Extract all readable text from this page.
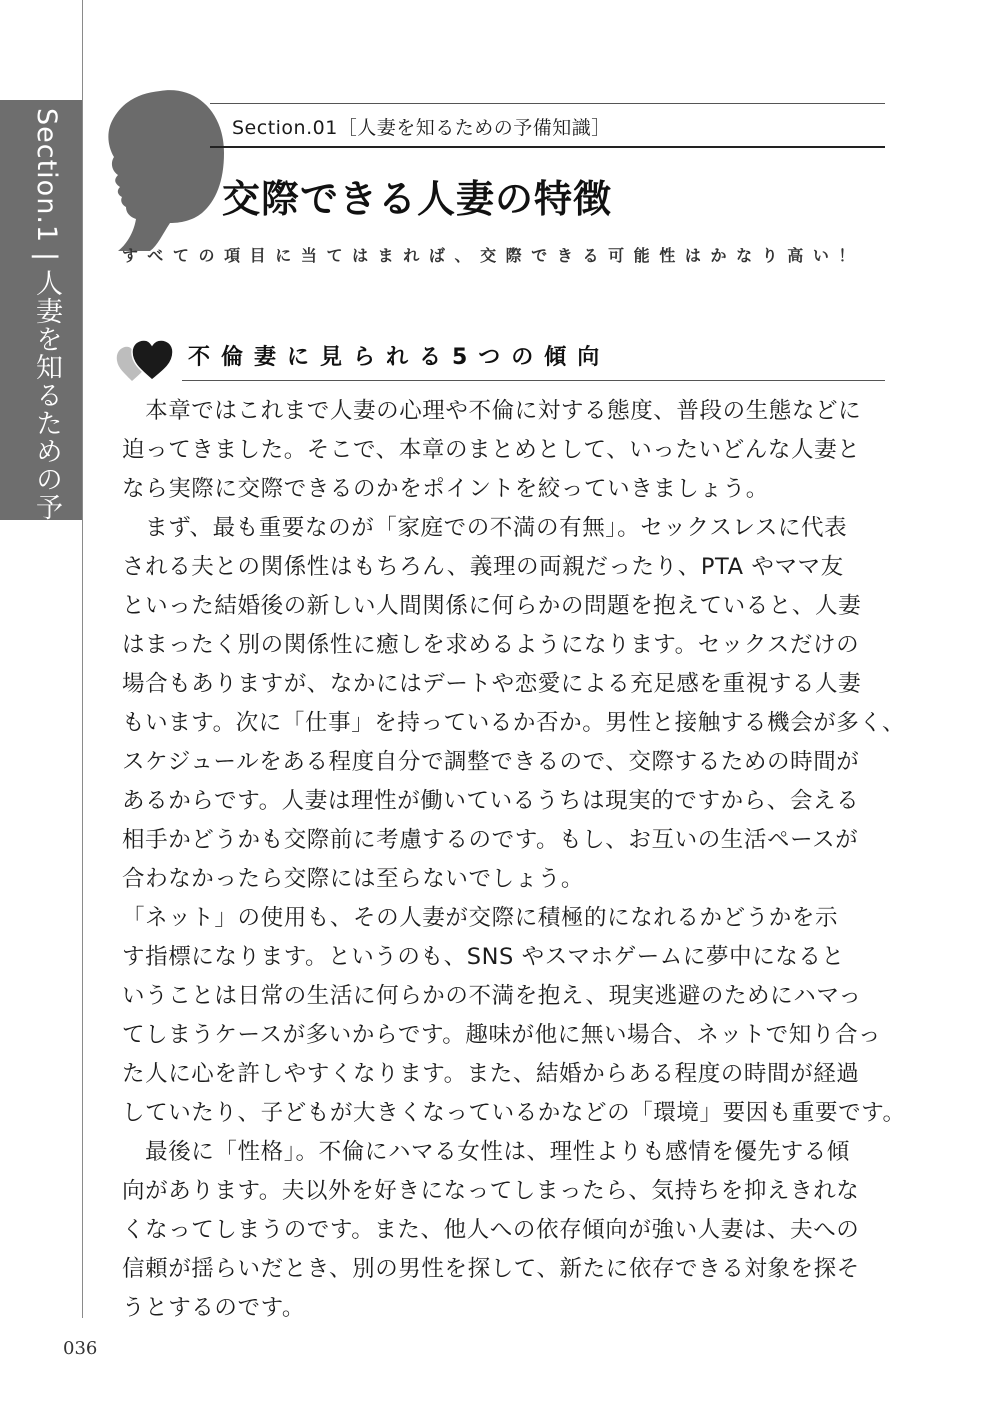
Section.1 | 人妻を知るための予備知識
Section.01［人妻を知るための予備知識］
交際できる人妻の特徴
すべての項目に当てはまれば、交際できる可能性はかなり高い！
不倫妻に見られる5つの傾向
　本章ではこれまで人妻の心理や不倫に対する態度、普段の生態などに
迫ってきました。そこで、本章のまとめとして、いったいどんな人妻と
なら実際に交際できるのかをポイントを絞っていきましょう。
　まず、最も重要なのが「家庭での不満の有無」。セックスレスに代表
される夫との関係性はもちろん、義理の両親だったり、PTA やママ友
といった結婚後の新しい人間関係に何らかの問題を抱えていると、人妻
はまったく別の関係性に癒しを求めるようになります。セックスだけの
場合もありますが、なかにはデートや恋愛による充足感を重視する人妻
もいます。次に「仕事」を持っているか否か。男性と接触する機会が多く、
スケジュールをある程度自分で調整できるので、交際するための時間が
あるからです。人妻は理性が働いているうちは現実的ですから、会える
相手かどうかも交際前に考慮するのです。もし、お互いの生活ペースが
合わなかったら交際には至らないでしょう。
「ネット」の使用も、その人妻が交際に積極的になれるかどうかを示
す指標になります。というのも、SNS やスマホゲームに夢中になると
いうことは日常の生活に何らかの不満を抱え、現実逃避のためにハマっ
てしまうケースが多いからです。趣味が他に無い場合、ネットで知り合っ
た人に心を許しやすくなります。また、結婚からある程度の時間が経過
していたり、子どもが大きくなっているかなどの「環境」要因も重要です。
　最後に「性格」。不倫にハマる女性は、理性よりも感情を優先する傾
向があります。夫以外を好きになってしまったら、気持ちを抑えきれな
くなってしまうのです。また、他人への依存傾向が強い人妻は、夫への
信頼が揺らいだとき、別の男性を探して、新たに依存できる対象を探そ
うとするのです。
036
